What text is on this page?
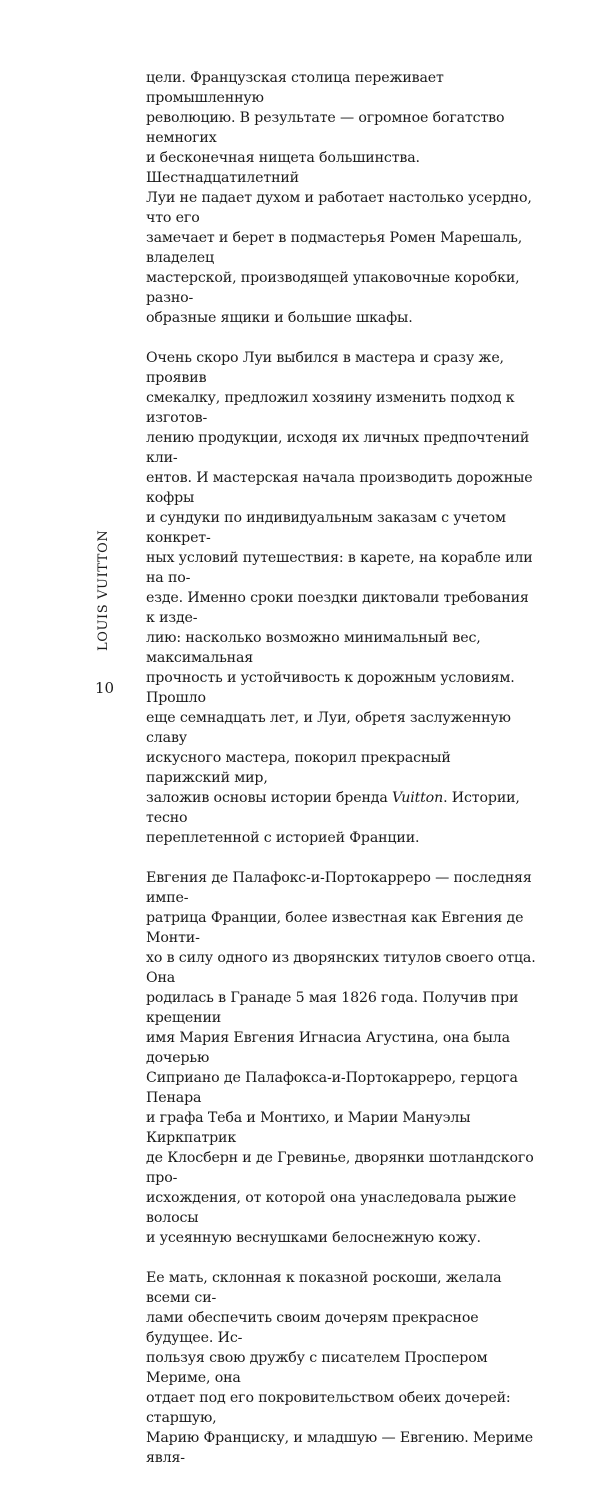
цели. Французская столица переживает промышленную
революцию. В результате — огромное богатство немногих
и бесконечная нищета большинства. Шестнадцатилетний
Луи не падает духом и работает настолько усердно, что его
замечает и берет в подмастерья Ромен Марешаль, владелец
мастерской, производящей упаковочные коробки, разно-
образные ящики и большие шкафы.

Очень скоро Луи выбился в мастера и сразу же, проявив
смекалку, предложил хозяину изменить подход к изготов-
лению продукции, исходя их личных предпочтений кли-
ентов. И мастерская начала производить дорожные кофры
и сундуки по индивидуальным заказам с учетом конкрет-
ных условий путешествия: в карете, на корабле или на по-
езде. Именно сроки поездки диктовали требования к изде-
лию: насколько возможно минимальный вес, максимальная
прочность и устойчивость к дорожным условиям. Прошло
еще семнадцать лет, и Луи, обретя заслуженную славу
искусного мастера, покорил прекрасный парижский мир,
заложив основы истории бренда Vuitton. Истории, тесно
переплетенной с историей Франции.

Евгения де Палафокс-и-Портокарреро — последняя импе-
ратрица Франции, более известная как Евгения де Монти-
хо в силу одного из дворянских титулов своего отца. Она
родилась в Гранаде 5 мая 1826 года. Получив при крещении
имя Мария Евгения Игнасиа Агустина, она была дочерью
Сиприано де Палафокса-и-Портокарреро, герцога Пенара
и графа Теба и Монтихо, и Марии Мануэлы Киркпатрик
де Клосберн и де Гревинье, дворянки шотландского про-
исхождения, от которой она унаследовала рыжие волосы
и усеянную веснушками белоснежную кожу.

Ее мать, склонная к показной роскоши, желала всеми си-
лами обеспечить своим дочерям прекрасное будущее. Ис-
пользуя свою дружбу с писателем Проспером Мериме, она
отдает под его покровительством обеих дочерей: старшую,
Марию Франциску, и младшую — Евгению. Мериме явля-

LOUIS VUITTON
10
